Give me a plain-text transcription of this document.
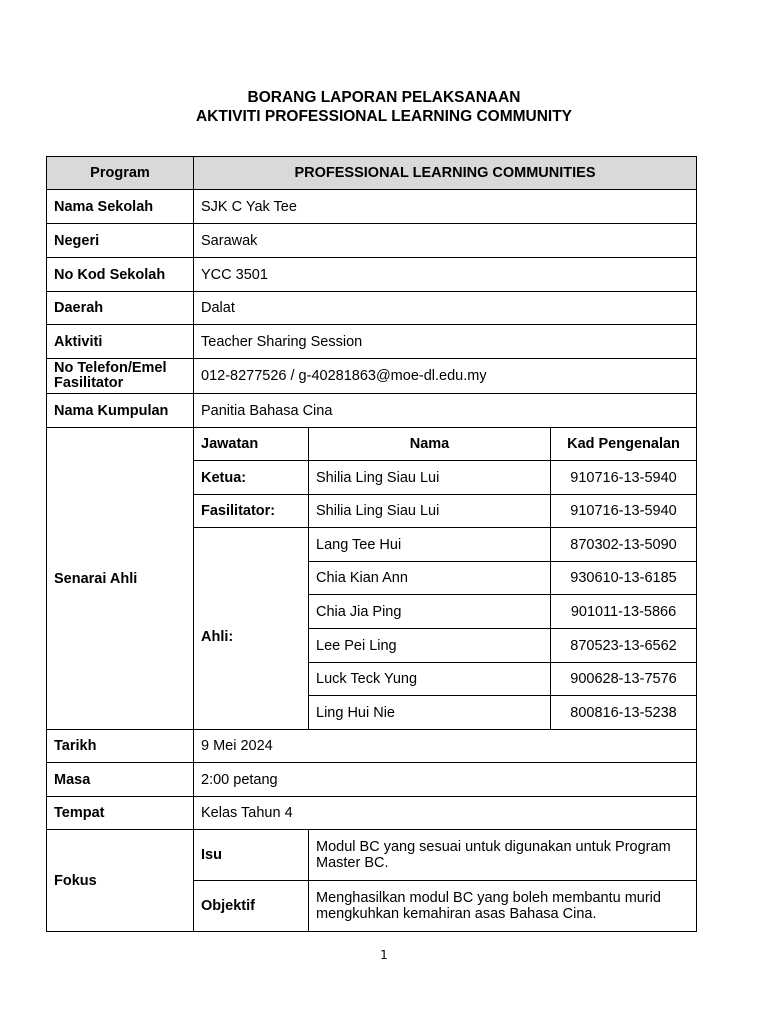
BORANG LAPORAN PELAKSANAAN
AKTIVITI PROFESSIONAL LEARNING COMMUNITY
Program	PROFESSIONAL LEARNING COMMUNITIES		
Nama Sekolah	SJK C Yak Tee		
Negeri	Sarawak		
No Kod Sekolah	YCC 3501		
Daerah	Dalat		
Aktiviti	Teacher Sharing Session		
No Telefon/Emel Fasilitator	012-8277526 / g-40281863@moe-dl.edu.my		
Nama Kumpulan	Panitia Bahasa Cina		
Senarai Ahli	Jawatan	Nama	Kad Pengenalan
	Ketua:	Shilia Ling Siau Lui	910716-13-5940
	Fasilitator:	Shilia Ling Siau Lui	910716-13-5940
	Ahli:	Lang Tee Hui	870302-13-5090
		Chia Kian Ann	930610-13-6185
		Chia Jia Ping	901011-13-5866
		Lee Pei Ling	870523-13-6562
		Luck Teck Yung	900628-13-7576
		Ling Hui Nie	800816-13-5238
Tarikh	9 Mei 2024		
Masa	2:00 petang		
Tempat	Kelas Tahun 4		
Fokus	Isu	Modul BC yang sesuai untuk digunakan untuk Program Master BC.	
	Objektif	Menghasilkan modul BC yang boleh membantu murid mengkuhkan kemahiran asas Bahasa Cina.	
1
